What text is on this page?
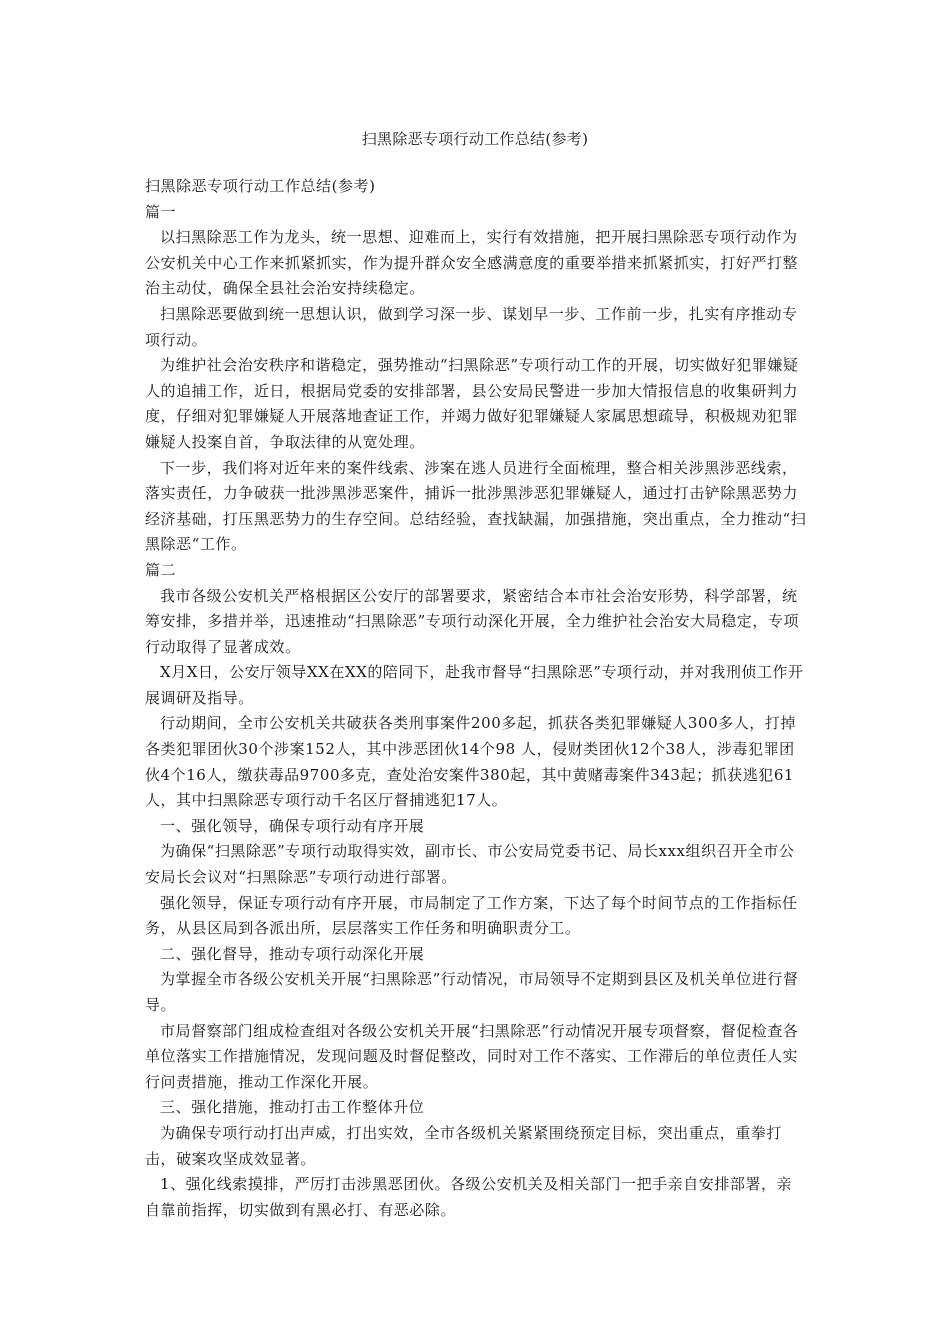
扫黑除恶专项行动工作总结(参考)

扫黑除恶专项行动工作总结(参考)

篇一

以扫黑除恶工作为龙头，统一思想、迎难而上，实行有效措施，把开展扫黑除恶专项行动作为公安机关中心工作来抓紧抓实，作为提升群众安全感满意度的重要举措来抓紧抓实，打好严打整治主动仗，确保全县社会治安持续稳定。

扫黑除恶要做到统一思想认识，做到学习深一步、谋划早一步、工作前一步，扎实有序推动专项行动。

为维护社会治安秩序和谐稳定，强势推动“扫黑除恶”专项行动工作的开展，切实做好犯罪嫌疑人的追捕工作，近日，根据局党委的安排部署，县公安局民警进一步加大情报信息的收集研判力度，仔细对犯罪嫌疑人开展落地查证工作，并竭力做好犯罪嫌疑人家属思想疏导，积极规劝犯罪嫌疑人投案自首，争取法律的从宽处理。

下一步，我们将对近年来的案件线索、涉案在逃人员进行全面梳理，整合相关涉黑涉恶线索，落实责任，力争破获一批涉黑涉恶案件，捕诉一批涉黑涉恶犯罪嫌疑人，通过打击铲除黑恶势力经济基础，打压黑恶势力的生存空间。总结经验，查找缺漏，加强措施，突出重点，全力推动“扫黑除恶“工作。

篇二

我市各级公安机关严格根据区公安厅的部署要求，紧密结合本市社会治安形势，科学部署，统筹安排，多措并举，迅速推动“扫黑除恶”专项行动深化开展，全力维护社会治安大局稳定，专项行动取得了显著成效。

X月X日，公安厅领导XX在XX的陪同下，赴我市督导“扫黑除恶”专项行动，并对我刑侦工作开展调研及指导。

行动期间，全市公安机关共破获各类刑事案件200多起，抓获各类犯罪嫌疑人300多人，打掉各类犯罪团伙30个涉案152人，其中涉恶团伙14个98 人，侵财类团伙12个38人，涉毒犯罪团伙4个16人，缴获毒品9700多克，查处治安案件380起，其中黄赌毒案件343起；抓获逃犯61人，其中扫黑除恶专项行动千名区厅督捕逃犯17人。

一、强化领导，确保专项行动有序开展

为确保“扫黑除恶”专项行动取得实效，副市长、市公安局党委书记、局长xxx组织召开全市公安局长会议对“扫黑除恶”专项行动进行部署。

强化领导，保证专项行动有序开展，市局制定了工作方案，下达了每个时间节点的工作指标任务，从县区局到各派出所，层层落实工作任务和明确职责分工。

二、强化督导，推动专项行动深化开展

为掌握全市各级公安机关开展“扫黑除恶”行动情况，市局领导不定期到县区及机关单位进行督导。

市局督察部门组成检查组对各级公安机关开展“扫黑除恶”行动情况开展专项督察，督促检查各单位落实工作措施情况，发现问题及时督促整改，同时对工作不落实、工作滞后的单位责任人实行问责措施，推动工作深化开展。

三、强化措施，推动打击工作整体升位

为确保专项行动打出声威，打出实效，全市各级机关紧紧围绕预定目标，突出重点，重拳打击，破案攻坚成效显著。

1、强化线索摸排，严厉打击涉黑恶团伙。各级公安机关及相关部门一把手亲自安排部署，亲自靠前指挥，切实做到有黑必打、有恶必除。
